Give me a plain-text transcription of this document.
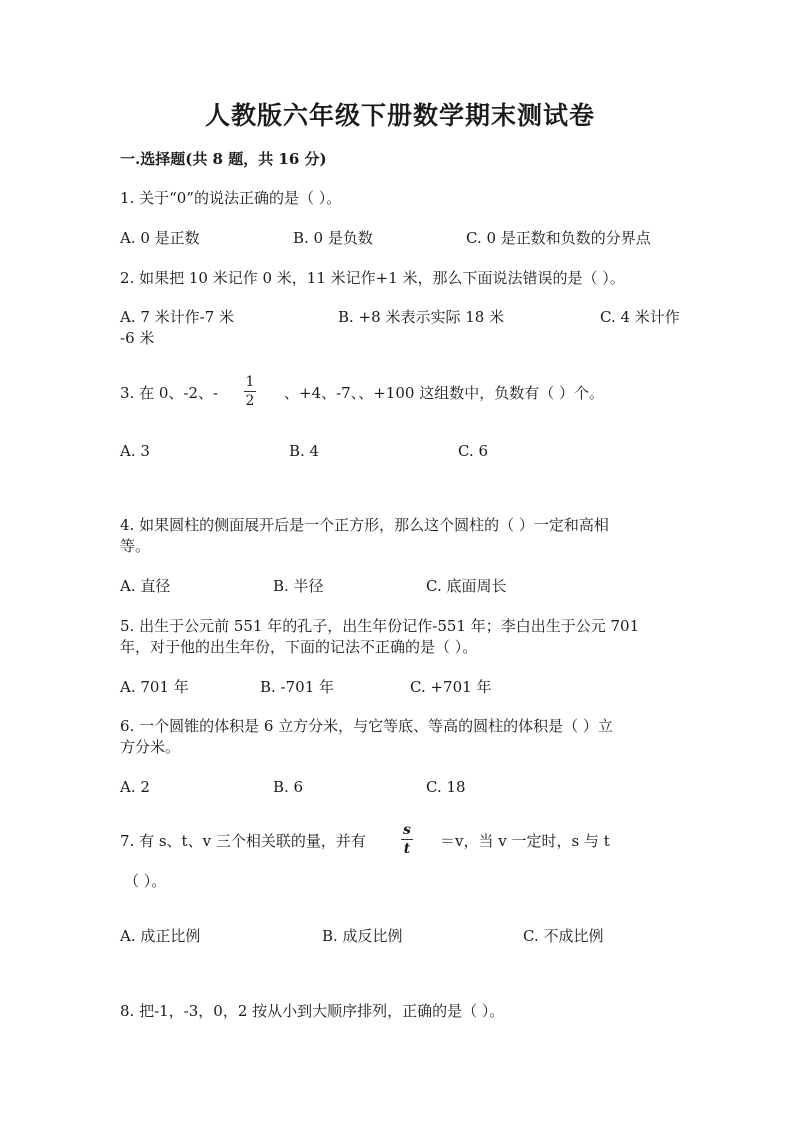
人教版六年级下册数学期末测试卷
一.选择题(共 8 题，共 16 分)
1. 关于“0”的说法正确的是（ ）。
A. 0 是正数	B. 0 是负数	C. 0 是正数和负数的分界点
2. 如果把 10 米记作 0 米，11 米记作+1 米，那么下面说法错误的是（ ）。
A. 7 米计作-7 米	B. +8 米表示实际 18 米	C. 4 米计作
-6 米
3. 在 0、-2、-
1
2 、+4、-7、、+100 这组数中，负数有（ ）个。
A. 3	B. 4	C. 6
4. 如果圆柱的侧面展开后是一个正方形，那么这个圆柱的（ ）一定和高相
等。
A. 直径	B. 半径	C. 底面周长
5. 出生于公元前 551 年的孔子，出生年份记作-551 年；李白出生于公元 701
年，对于他的出生年份，下面的记法不正确的是（ ）。
A. 701 年	B. -701 年	C. +701 年
6. 一个圆锥的体积是 6 立方分米，与它等底、等高的圆柱的体积是（ ）立
方分米。
A. 2	B. 6	C. 18
7. 有 s、t、v 三个相关联的量，并有
s
t ＝v，当 v 一定时，s 与 t
（ ）。
A. 成正比例	B. 成反比例	C. 不成比例
8. 把-1，-3，0，2 按从小到大顺序排列，正确的是（ ）。
